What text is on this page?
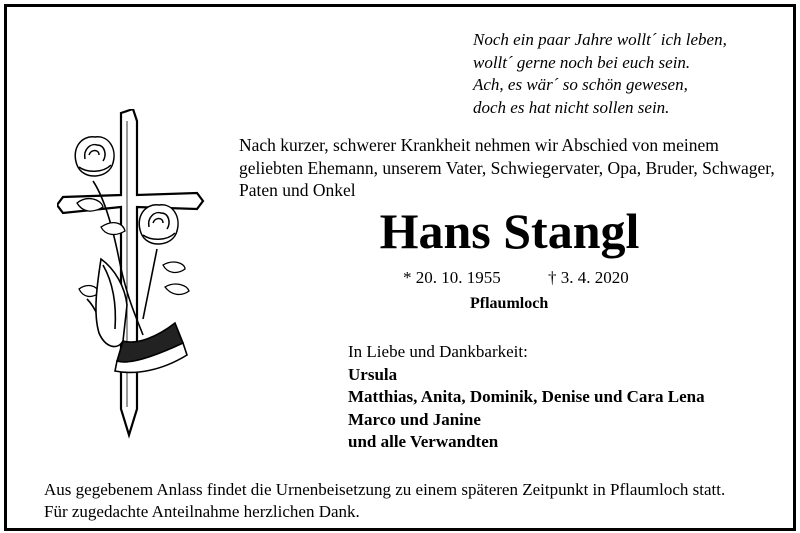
Noch ein paar Jahre wollt´ ich leben,
wollt´ gerne noch bei euch sein.
Ach, es wär´ so schön gewesen,
doch es hat nicht sollen sein.
Nach kurzer, schwerer Krankheit nehmen wir Abschied von meinem geliebten Ehemann, unserem Vater, Schwiegervater, Opa, Bruder, Schwager, Paten und Onkel
Hans Stangl
* 20. 10. 1955	† 3. 4. 2020
Pflaumloch
In Liebe und Dankbarkeit:
Ursula
Matthias, Anita, Dominik, Denise und Cara Lena
Marco und Janine
und alle Verwandten
Aus gegebenem Anlass findet die Urnenbeisetzung zu einem späteren Zeitpunkt in Pflaumloch statt.
Für zugedachte Anteilnahme herzlichen Dank.
